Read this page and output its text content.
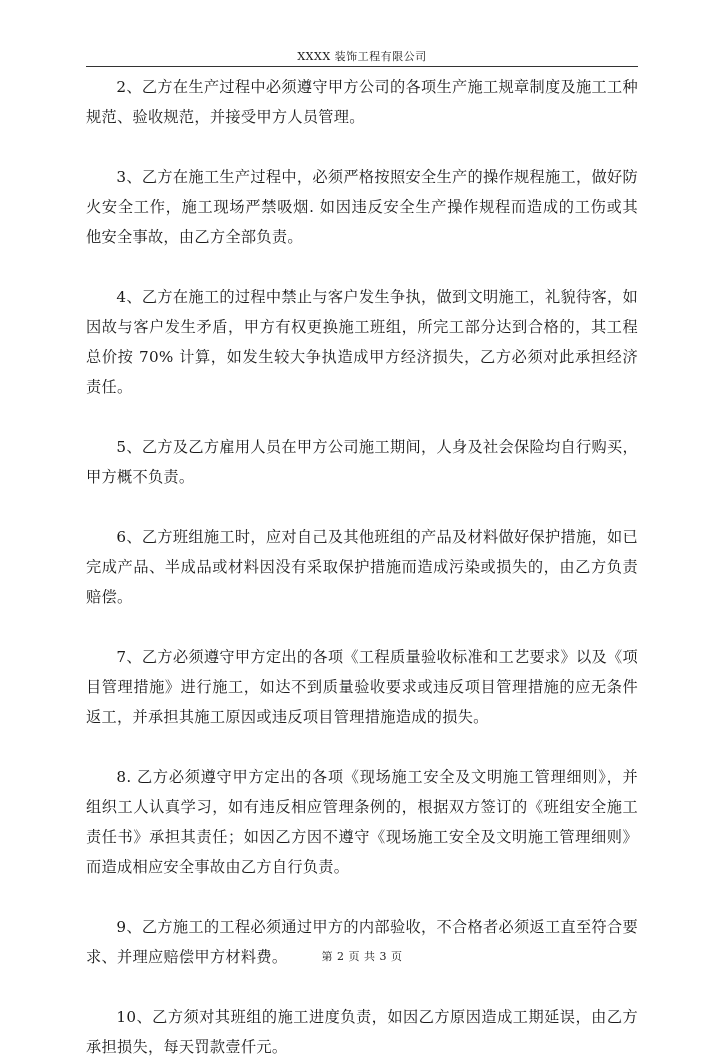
XXXX 装饰工程有限公司

2、乙方在生产过程中必须遵守甲方公司的各项生产施工规章制度及施工工种规范、验收规范，并接受甲方人员管理。

3、乙方在施工生产过程中，必须严格按照安全生产的操作规程施工，做好防火安全工作，施工现场严禁吸烟. 如因违反安全生产操作规程而造成的工伤或其他安全事故，由乙方全部负责。

4、乙方在施工的过程中禁止与客户发生争执，做到文明施工，礼貌待客，如因故与客户发生矛盾，甲方有权更换施工班组，所完工部分达到合格的，其工程总价按 70% 计算，如发生较大争执造成甲方经济损失，乙方必须对此承担经济责任。

5、乙方及乙方雇用人员在甲方公司施工期间，人身及社会保险均自行购买，甲方概不负责。

6、乙方班组施工时，应对自己及其他班组的产品及材料做好保护措施，如已完成产品、半成品或材料因没有采取保护措施而造成污染或损失的，由乙方负责 赔偿。

7、乙方必须遵守甲方定出的各项《工程质量验收标准和工艺要求》以及《项目管理措施》进行施工，如达不到质量验收要求或违反项目管理措施的应无条件返工，并承担其施工原因或违反项目管理措施造成的损失。

8. 乙方必须遵守甲方定出的各项《现场施工安全及文明施工管理细则》，并组织工人认真学习，如有违反相应管理条例的，根据双方签订的《班组安全施工责任书》承担其责任；如因乙方因不遵守《现场施工安全及文明施工管理细则》而造成相应安全事故由乙方自行负责。

9、乙方施工的工程必须通过甲方的内部验收，不合格者必须返工直至符合要求、并理应赔偿甲方材料费。

10、乙方须对其班组的施工进度负责，如因乙方原因造成工期延误，由乙方承担损失，每天罚款壹仟元。

第 2 页 共 3 页
